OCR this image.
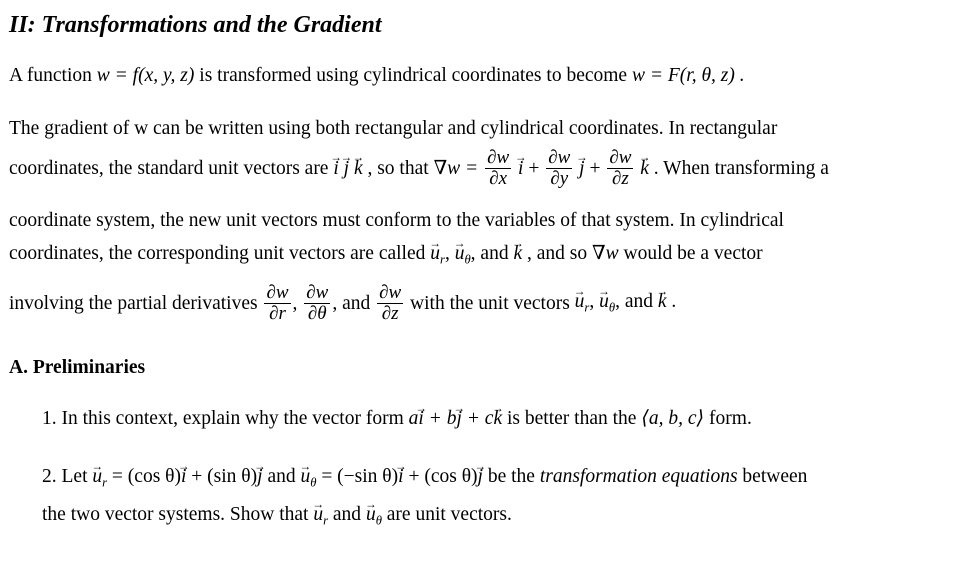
II: Transformations and the Gradient
A function w = f(x, y, z) is transformed using cylindrical coordinates to become w = F(r, θ, z) .
The gradient of w can be written using both rectangular and cylindrical coordinates. In rectangular
coordinates, the standard unit vectors are → i → j → k , so that $\nabla w = \frac{\partial w}{\partial x}$
→ $i + \frac{\partial w}{\partial y}$
→ $j + \frac{\partial w}{\partial z}$
→ k . When transforming a
coordinate system, the new unit vectors must conform to the variables of that system. In cylindrical
coordinates, the corresponding unit vectors are called → $u_r$, → $u_\theta$, and → k , and so ∇w would be a vector
involving the partial derivatives $\frac{\partial w}{\partial r}$ , $\frac{\partial w}{\partial\theta}$ , and $\frac{\partial w}{\partial z}$ with the unit vectors → $u_r$, → $u_\theta$, and → k .
A. Preliminaries
1. In this context, explain why the vector form a→ i + b→ j + c→ k is better than the ⟨a, b, c⟩ form.
2. Let → $u_r = (\cos$ θ)→ i + (sin θ)→ j and → $u_\theta = (-\sin$ θ)→ i + (cos θ)→ j be the transformation equations between
the two vector systems. Show that → $u_r$ and → $u_\theta$ are unit vectors.
